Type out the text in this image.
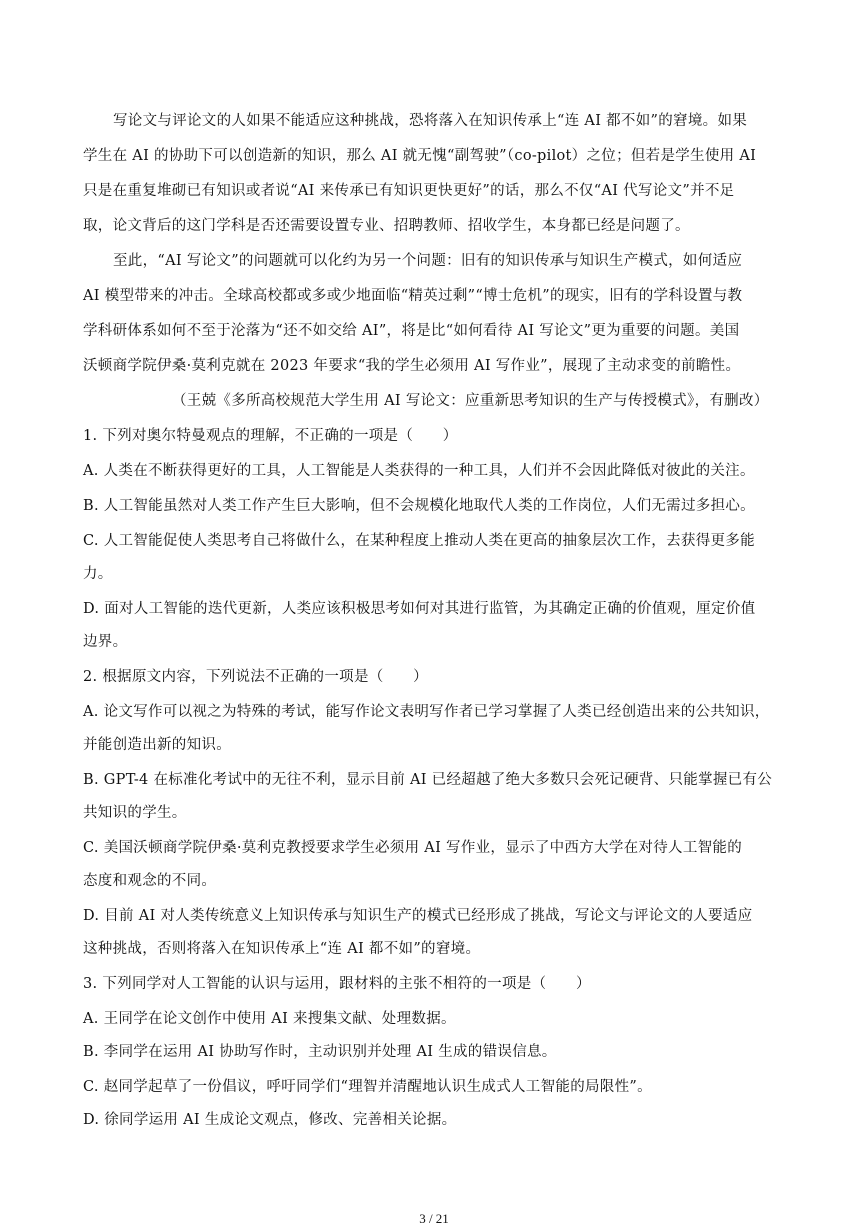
写论文与评论文的人如果不能适应这种挑战，恐将落入在知识传承上“连 AI 都不如”的窘境。如果
学生在 AI 的协助下可以创造新的知识，那么 AI 就无愧“副驾驶”（co-pilot）之位；但若是学生使用 AI
只是在重复堆砌已有知识或者说“AI 来传承已有知识更快更好”的话，那么不仅“AI 代写论文”并不足
取，论文背后的这门学科是否还需要设置专业、招聘教师、招收学生，本身都已经是问题了。
至此，“AI 写论文”的问题就可以化约为另一个问题：旧有的知识传承与知识生产模式，如何适应
AI 模型带来的冲击。全球高校都或多或少地面临“精英过剩”“博士危机”的现实，旧有的学科设置与教
学科研体系如何不至于沦落为“还不如交给 AI”，将是比“如何看待 AI 写论文”更为重要的问题。美国
沃顿商学院伊桑·莫利克就在 2023 年要求“我的学生必须用 AI 写作业”，展现了主动求变的前瞻性。
（王兢《多所高校规范大学生用 AI 写论文：应重新思考知识的生产与传授模式》，有删改）
1. 下列对奥尔特曼观点的理解，不正确的一项是（　　）
A. 人类在不断获得更好的工具，人工智能是人类获得的一种工具，人们并不会因此降低对彼此的关注。
B. 人工智能虽然对人类工作产生巨大影响，但不会规模化地取代人类的工作岗位，人们无需过多担心。
C. 人工智能促使人类思考自己将做什么，在某种程度上推动人类在更高的抽象层次工作，去获得更多能
力。
D. 面对人工智能的迭代更新，人类应该积极思考如何对其进行监管，为其确定正确的价值观，厘定价值
边界。
2. 根据原文内容，下列说法不正确的一项是（　　）
A. 论文写作可以视之为特殊的考试，能写作论文表明写作者已学习掌握了人类已经创造出来的公共知识，
并能创造出新的知识。
B. GPT-4 在标准化考试中的无往不利，显示目前 AI 已经超越了绝大多数只会死记硬背、只能掌握已有公
共知识的学生。
C. 美国沃顿商学院伊桑·莫利克教授要求学生必须用 AI 写作业，显示了中西方大学在对待人工智能的
态度和观念的不同。
D. 目前 AI 对人类传统意义上知识传承与知识生产的模式已经形成了挑战，写论文与评论文的人要适应
这种挑战，否则将落入在知识传承上“连 AI 都不如”的窘境。
3. 下列同学对人工智能的认识与运用，跟材料的主张不相符的一项是（　　）
A. 王同学在论文创作中使用 AI 来搜集文献、处理数据。
B. 李同学在运用 AI 协助写作时，主动识别并处理 AI 生成的错误信息。
C. 赵同学起草了一份倡议，呼吁同学们“理智并清醒地认识生成式人工智能的局限性”。
D. 徐同学运用 AI 生成论文观点，修改、完善相关论据。
3 / 21
